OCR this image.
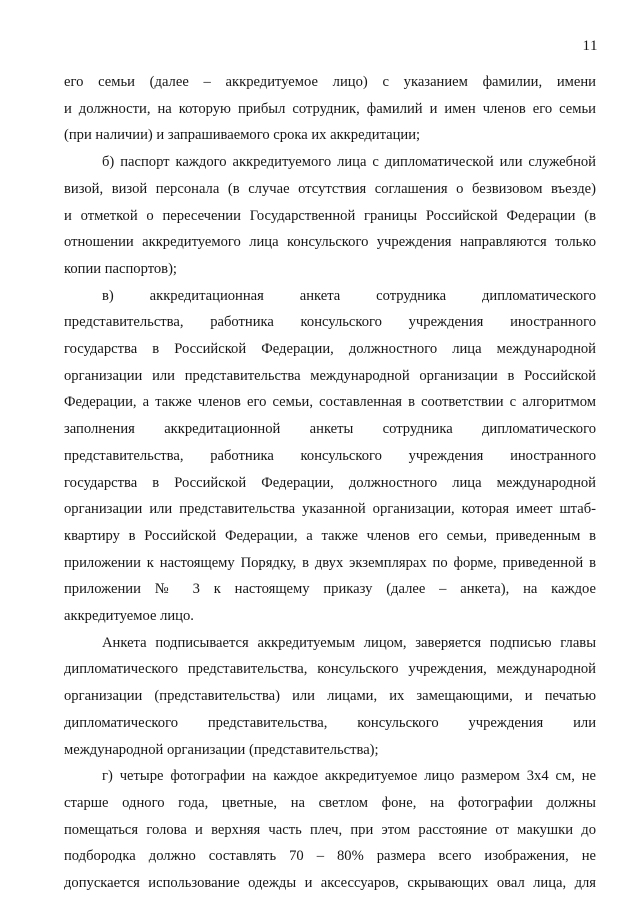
11
его семьи (далее – аккредитуемое лицо) с указанием фамилии, имени
и должности, на которую прибыл сотрудник, фамилий и имен членов его семьи
(при наличии) и запрашиваемого срока их аккредитации;
б) паспорт каждого аккредитуемого лица с дипломатической или служебной
визой, визой персонала (в случае отсутствия соглашения о безвизовом въезде)
и отметкой о пересечении Государственной границы Российской Федерации (в
отношении аккредитуемого лица консульского учреждения направляются только
копии паспортов);
в) аккредитационная анкета сотрудника дипломатического
представительства, работника консульского учреждения иностранного
государства в Российской Федерации, должностного лица международной
организации или представительства международной организации в Российской
Федерации, а также членов его семьи, составленная в соответствии с алгоритмом
заполнения аккредитационной анкеты сотрудника дипломатического
представительства, работника консульского учреждения иностранного
государства в Российской Федерации, должностного лица международной
организации или представительства указанной организации, которая имеет штаб-
квартиру в Российской Федерации, а также членов его семьи, приведенным в
приложении к настоящему Порядку, в двух экземплярах по форме, приведенной в
приложении № 3 к настоящему приказу (далее – анкета), на каждое
аккредитуемое лицо.
Анкета подписывается аккредитуемым лицом, заверяется подписью главы
дипломатического представительства, консульского учреждения, международной
организации (представительства) или лицами, их замещающими, и печатью
дипломатического представительства, консульского учреждения или
международной организации (представительства);
г) четыре фотографии на каждое аккредитуемое лицо размером 3х4 см, не
старше одного года, цветные, на светлом фоне, на фотографии должны
помещаться голова и верхняя часть плеч, при этом расстояние от макушки до
подбородка должно составлять 70 – 80% размера всего изображения, не
допускается использование одежды и аксессуаров, скрывающих овал лица, для
